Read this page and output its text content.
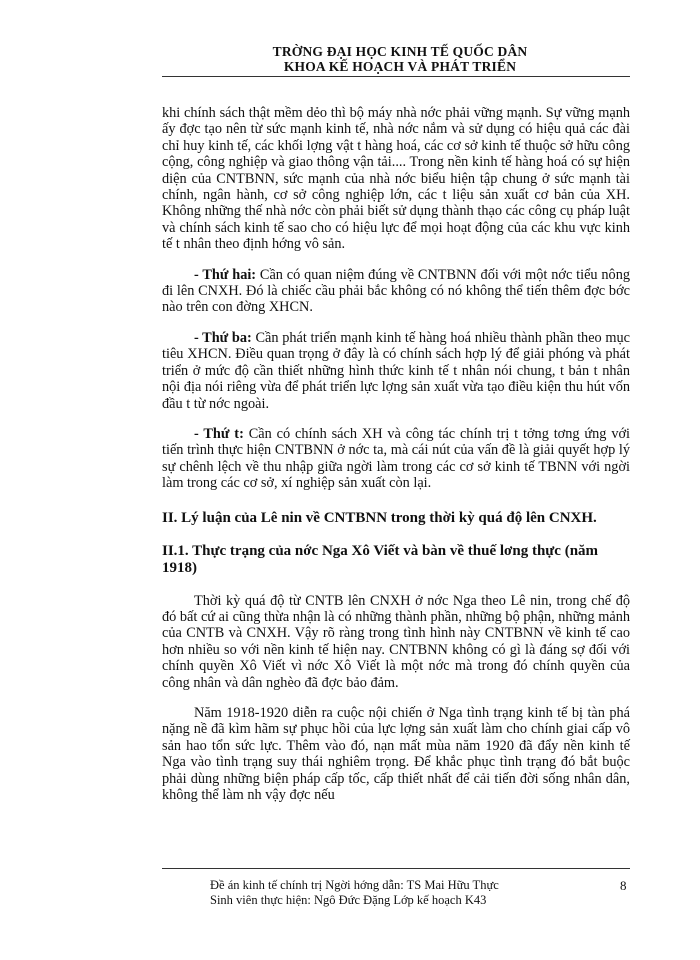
TRỜNG ĐẠI HỌC KINH TẾ QUỐC DÂN
KHOA KẾ HOẠCH VÀ PHÁT TRIỂN

khi chính sách thật mềm dẻo thì bộ máy nhà nớc phải vững mạnh. Sự vững mạnh ấy đợc tạo nên từ sức mạnh kinh tế, nhà nớc nắm và sử dụng có hiệu quả các đài chỉ huy kinh tế, các khối lợng vật t hàng hoá, các cơ sở kinh tế thuộc sở hữu công cộng, công nghiệp và giao thông vận tải.... Trong nền kinh tế hàng hoá có sự hiện diện của CNTBNN, sức mạnh của nhà nớc biểu hiện tập chung ở sức mạnh tài chính, ngân hành, cơ sở công nghiệp lớn, các t liệu sản xuất cơ bản của XH. Không những thế nhà nớc còn phải biết sử dụng thành thạo các công cụ pháp luật và chính sách kinh tế sao cho có hiệu lực để mọi hoạt động của các khu vực kinh tế t nhân theo định hớng vô sản.

- Thứ hai: Cần có quan niệm đúng về CNTBNN đối với một nớc tiểu nông đi lên CNXH. Đó là chiếc cầu phải bắc không có nó không thể tiến thêm đợc bớc nào trên con đờng XHCN.

- Thứ ba: Cần phát triển mạnh kinh tế hàng hoá nhiều thành phần theo mục tiêu XHCN. Điều quan trọng ở đây là có chính sách hợp lý để giải phóng và phát triển ở mức độ cần thiết những hình thức kinh tế t nhân nói chung, t bản t nhân nội địa nói riêng vừa để phát triển lực lợng sản xuất vừa tạo điều kiện thu hút vốn đầu t từ nớc ngoài.

- Thứ t: Cần có chính sách XH và công tác chính trị t tởng tơng ứng với tiến trình thực hiện CNTBNN ở nớc ta, mà cái nút của vấn đề là giải quyết hợp lý sự chênh lệch về thu nhập giữa ngời làm trong các cơ sở kinh tế TBNN với ngời làm trong các cơ sở, xí nghiệp sản xuất còn lại.

II. Lý luận của Lê nin về CNTBNN trong thời kỳ quá độ lên CNXH.
II.1. Thực trạng của nớc Nga Xô Viết và bàn về thuế lơng thực (năm 1918)

Thời kỳ quá độ từ CNTB lên CNXH ở nớc Nga theo Lê nin, trong chế độ đó bất cứ ai cũng thừa nhận là có những thành phần, những bộ phận, những mảnh của CNTB và CNXH. Vậy rõ ràng trong tình hình này CNTBNN về kinh tế cao hơn nhiều so với nền kinh tế hiện nay. CNTBNN không có gì là đáng sợ đối với chính quyền Xô Viết vì nớc Xô Viết là một nớc mà trong đó chính quyền của công nhân và dân nghèo đã đợc bảo đảm.

Năm 1918-1920 diễn ra cuộc nội chiến ở Nga tình trạng kinh tế bị tàn phá nặng nề đã kìm hãm sự phục hồi của lực lợng sản xuất làm cho chính giai cấp vô sản hao tổn sức lực. Thêm vào đó, nạn mất mùa năm 1920 đã đẩy nền kinh tế Nga vào tình trạng suy thái nghiêm trọng. Để khắc phục tình trạng đó bắt buộc phải dùng những biện pháp cấp tốc, cấp thiết nhất để cải tiến đời sống nhân dân, không thể làm nh vậy đợc nếu

Đề án kinh tế chính trị Ngời hớng dẫn: TS Mai Hữu Thực
Sinh viên thực hiện: Ngô Đức Đặng Lớp kế hoạch K43
8
